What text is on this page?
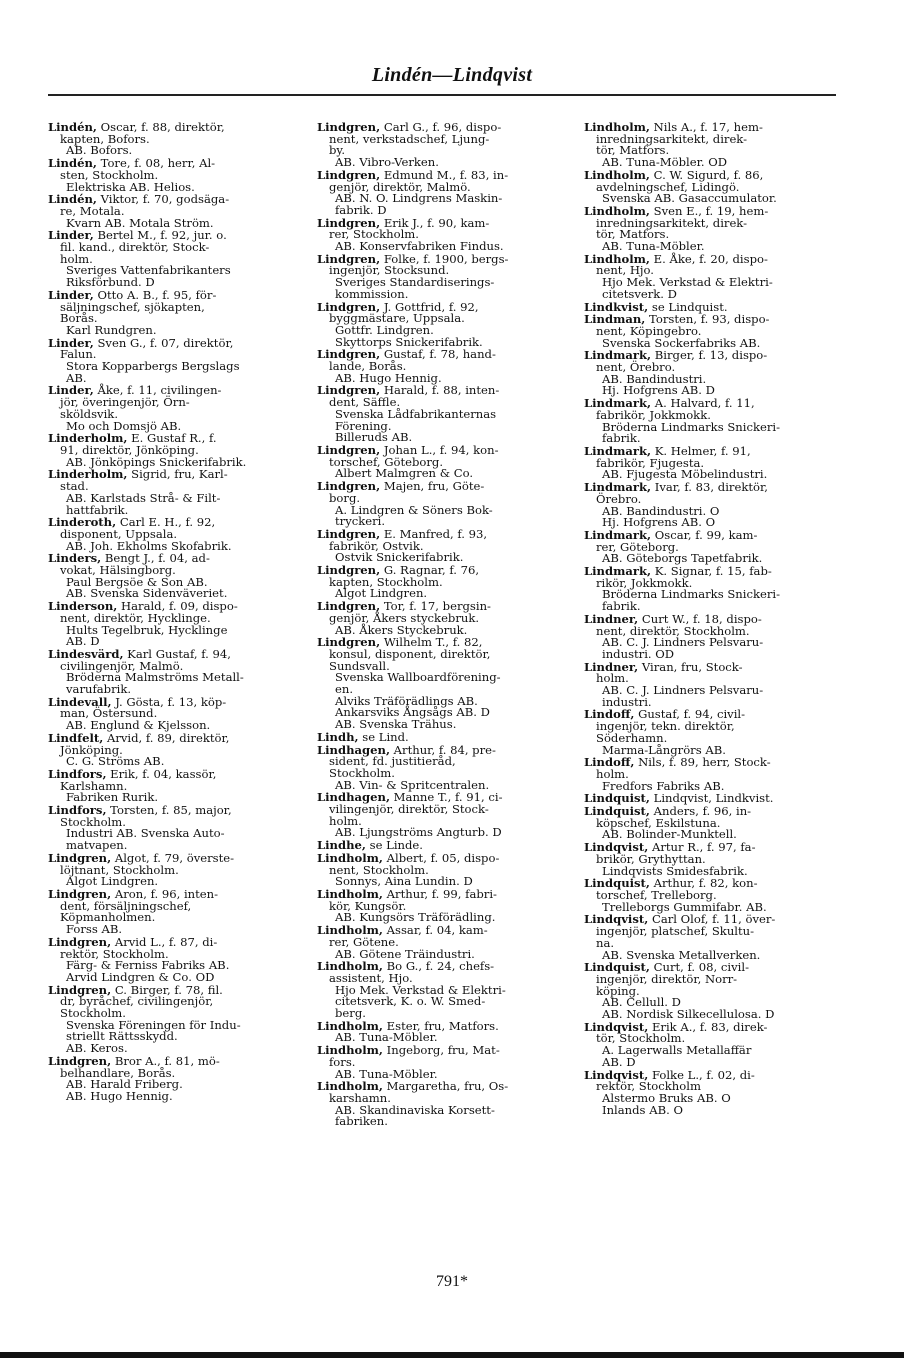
Lindén—Lindqvist
Lindén, Oscar, f. 88, direktör,
kapten, Bofors.
AB. Bofors.
Lindén, Tore, f. 08, herr, Al-
sten, Stockholm.
Elektriska AB. Helios.
Lindén, Viktor, f. 70, godsäga-
re, Motala.
Kvarn AB. Motala Ström.
Linder, Bertel M., f. 92, jur. o.
fil. kand., direktör, Stock-
holm.
Sveriges Vattenfabrikanters
Riksförbund. D
Linder, Otto A. B., f. 95, för-
säljningschef, sjökapten,
Borås.
Karl Rundgren.
Linder, Sven G., f. 07, direktör,
Falun.
Stora Kopparbergs Bergslags
AB.
Linder, Åke, f. 11, civilingen-
jör, överingenjör, Örn-
sköldsvik.
Mo och Domsjö AB.
Linderholm, E. Gustaf R., f.
91, direktör, Jönköping.
AB. Jönköpings Snickerifabrik.
Linderholm, Sigrid, fru, Karl-
stad.
AB. Karlstads Strå- & Filt-
hattfabrik.
Linderoth, Carl E. H., f. 92,
disponent, Uppsala.
AB. Joh. Ekholms Skofabrik.
Linders, Bengt J., f. 04, ad-
vokat, Hälsingborg.
Paul Bergsöe & Son AB.
AB. Svenska Sidenväveriet.
Linderson, Harald, f. 09, dispo-
nent, direktör, Hycklinge.
Hults Tegelbruk, Hycklinge
AB. D
Lindesvärd, Karl Gustaf, f. 94,
civilingenjör, Malmö.
Bröderna Malmströms Metall-
varufabrik.
Lindevall, J. Gösta, f. 13, köp-
man, Östersund.
AB. Englund & Kjelsson.
Lindfelt, Arvid, f. 89, direktör,
Jönköping.
C. G. Ströms AB.
Lindfors, Erik, f. 04, kassör,
Karlshamn.
Fabriken Rurik.
Lindfors, Torsten, f. 85, major,
Stockholm.
Industri AB. Svenska Auto-
matvapen.
Lindgren, Algot, f. 79, överste-
löjtnant, Stockholm.
Algot Lindgren.
Lindgren, Aron, f. 96, inten-
dent, försäljningschef,
Köpmanholmen.
Forss AB.
Lindgren, Arvid L., f. 87, di-
rektör, Stockholm.
Färg- & Ferniss Fabriks AB.
Arvid Lindgren & Co. OD
Lindgren, C. Birger, f. 78, fil.
dr, byråchef, civilingenjör,
Stockholm.
Svenska Föreningen för Indu-
striellt Rättsskydd.
AB. Keros.
Lindgren, Bror A., f. 81, mö-
belhandlare, Borås.
AB. Harald Friberg.
AB. Hugo Hennig.
Lindgren, Carl G., f. 96, dispo-
nent, verkstadschef, Ljung-
by.
AB. Vibro-Verken.
Lindgren, Edmund M., f. 83, in-
genjör, direktör, Malmö.
AB. N. O. Lindgrens Maskin-
fabrik. D
Lindgren, Erik J., f. 90, kam-
rer, Stockholm.
AB. Konservfabriken Findus.
Lindgren, Folke, f. 1900, bergs-
ingenjör, Stocksund.
Sveriges Standardiserings-
kommission.
Lindgren, J. Gottfrid, f. 92,
byggmästare, Uppsala.
Gottfr. Lindgren.
Skyttorps Snickerifabrik.
Lindgren, Gustaf, f. 78, hand-
lande, Borås.
AB. Hugo Hennig.
Lindgren, Harald, f. 88, inten-
dent, Säffle.
Svenska Lådfabrikanternas
Förening.
Billeruds AB.
Lindgren, Johan L., f. 94, kon-
torschef, Göteborg.
Albert Malmgren & Co.
Lindgren, Majen, fru, Göte-
borg.
A. Lindgren & Söners Bok-
tryckeri.
Lindgren, E. Manfred, f. 93,
fabrikör, Ostvik.
Ostvik Snickerifabrik.
Lindgren, G. Ragnar, f. 76,
kapten, Stockholm.
Algot Lindgren.
Lindgren, Tor, f. 17, bergsin-
genjör, Åkers styckebruk.
AB. Åkers Styckebruk.
Lindgren, Wilhelm T., f. 82,
konsul, disponent, direktör,
Sundsvall.
Svenska Wallboardförening-
en.
Alviks Träförädlings AB.
Ankarsviks Ångsågs AB. D
AB. Svenska Trähus.
Lindh, se Lind.
Lindhagen, Arthur, f. 84, pre-
sident, fd. justitieråd,
Stockholm.
AB. Vin- & Spritcentralen.
Lindhagen, Manne T., f. 91, ci-
vilingenjör, direktör, Stock-
holm.
AB. Ljungströms Angturb. D
Lindhe, se Linde.
Lindholm, Albert, f. 05, dispo-
nent, Stockholm.
Sonnys, Aina Lundin. D
Lindholm, Arthur, f. 99, fabri-
kör, Kungsör.
AB. Kungsörs Träförädling.
Lindholm, Assar, f. 04, kam-
rer, Götene.
AB. Götene Träindustri.
Lindholm, Bo G., f. 24, chefs-
assistent, Hjo.
Hjo Mek. Verkstad & Elektri-
citetsverk, K. o. W. Smed-
berg.
Lindholm, Ester, fru, Matfors.
AB. Tuna-Möbler.
Lindholm, Ingeborg, fru, Mat-
fors.
AB. Tuna-Möbler.
Lindholm, Margaretha, fru, Os-
karshamn.
AB. Skandinaviska Korsett-
fabriken.
Lindholm, Nils A., f. 17, hem-
inredningsarkitekt, direk-
tör, Matfors.
AB. Tuna-Möbler. OD
Lindholm, C. W. Sigurd, f. 86,
avdelningschef, Lidingö.
Svenska AB. Gasaccumulator.
Lindholm, Sven E., f. 19, hem-
inredningsarkitekt, direk-
tör, Matfors.
AB. Tuna-Möbler.
Lindholm, E. Åke, f. 20, dispo-
nent, Hjo.
Hjo Mek. Verkstad & Elektri-
citetsverk. D
Lindkvist, se Lindquist.
Lindman, Torsten, f. 93, dispo-
nent, Köpingebro.
Svenska Sockerfabriks AB.
Lindmark, Birger, f. 13, dispo-
nent, Örebro.
AB. Bandindustri.
Hj. Hofgrens AB. D
Lindmark, A. Halvard, f. 11,
fabrikör, Jokkmokk.
Bröderna Lindmarks Snickeri-
fabrik.
Lindmark, K. Helmer, f. 91,
fabrikör, Fjugesta.
AB. Fjugesta Möbelindustri.
Lindmark, Ivar, f. 83, direktör,
Örebro.
AB. Bandindustri. O
Hj. Hofgrens AB. O
Lindmark, Oscar, f. 99, kam-
rer, Göteborg.
AB. Göteborgs Tapetfabrik.
Lindmark, K. Signar, f. 15, fab-
rikör, Jokkmokk.
Bröderna Lindmarks Snickeri-
fabrik.
Lindner, Curt W., f. 18, dispo-
nent, direktör, Stockholm.
AB. C. J. Lindners Pelsvaru-
industri. OD
Lindner, Viran, fru, Stock-
holm.
AB. C. J. Lindners Pelsvaru-
industri.
Lindoff, Gustaf, f. 94, civil-
ingenjör, tekn. direktör,
Söderhamn.
Marma-Långrörs AB.
Lindoff, Nils, f. 89, herr, Stock-
holm.
Fredfors Fabriks AB.
Lindquist, Lindqvist, Lindkvist.
Lindquist, Anders, f. 96, in-
köpschef, Eskilstuna.
AB. Bolinder-Munktell.
Lindqvist, Artur R., f. 97, fa-
brikör, Grythyttan.
Lindqvists Smidesfabrik.
Lindquist, Arthur, f. 82, kon-
torschef, Trelleborg.
Trelleborgs Gummifabr. AB.
Lindqvist, Carl Olof, f. 11, över-
ingenjör, platschef, Skultu-
na.
AB. Svenska Metallverken.
Lindquist, Curt, f. 08, civil-
ingenjör, direktör, Norr-
köping.
AB. Cellull. D
AB. Nordisk Silkecellulosa. D
Lindqvist, Erik A., f. 83, direk-
tör, Stockholm.
A. Lagerwalls Metallaffär
AB. D
Lindqvist, Folke L., f. 02, di-
rektör, Stockholm
Alstermo Bruks AB. O
Inlands AB. O
791*
